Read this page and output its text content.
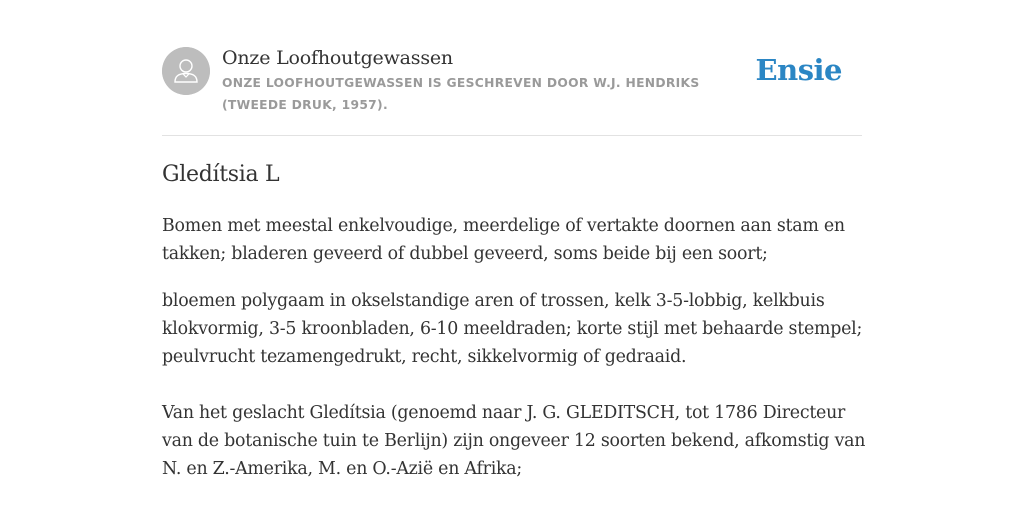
Onze Loofhoutgewassen
ONZE LOOFHOUTGEWASSEN IS GESCHREVEN DOOR W.J. HENDRIKS (TWEEDE DRUK, 1957).
Ensie
Gledítsia L

Bomen met meestal enkelvoudige, meerdelige of vertakte doornen aan stam en takken; bladeren geveerd of dubbel geveerd, soms beide bij een soort;

bloemen polygaam in okselstandige aren of trossen, kelk 3-5-lobbig, kelkbuis klokvormig, 3-5 kroonbladen, 6-10 meeldraden; korte stijl met behaarde stempel; peulvrucht tezamengedrukt, recht, sikkelvormig of gedraaid.

Van het geslacht Gledítsia (genoemd naar J. G. GLEDITSCH, tot 1786 Directeur van de botanische tuin te Berlijn) zijn ongeveer 12 soorten bekend, afkomstig van N. en Z.-Amerika, M. en O.-Azië en Afrika;
